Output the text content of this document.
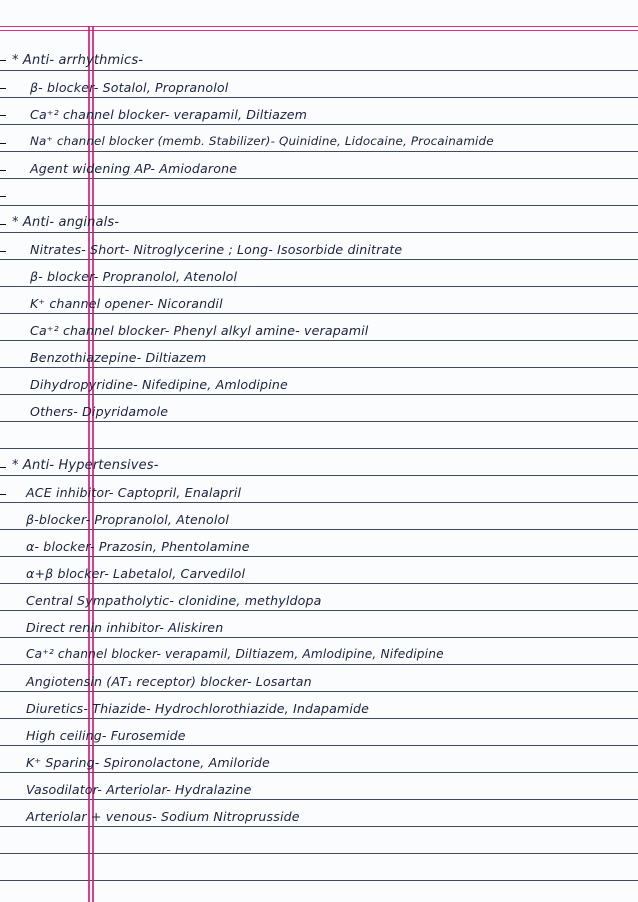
* Anti- arrhythmics-
β- blocker- Sotalol, Propranolol
Ca⁺² channel blocker- verapamil, Diltiazem
Na⁺ channel blocker (memb. Stabilizer)- Quinidine, Lidocaine, Procainamide
Agent widening AP- Amiodarone
* Anti- anginals-
Nitrates- Short- Nitroglycerine ; Long- Isosorbide dinitrate
β- blocker- Propranolol, Atenolol
K⁺ channel opener- Nicorandil
Ca⁺² channel blocker- Phenyl alkyl amine- verapamil
Benzothiazepine- Diltiazem
Dihydropyridine- Nifedipine, Amlodipine
Others- Dipyridamole
* Anti- Hypertensives-
ACE inhibitor- Captopril, Enalapril
β-blocker- Propranolol, Atenolol
α- blocker- Prazosin, Phentolamine
α+β blocker- Labetalol, Carvedilol
Central Sympatholytic- clonidine, methyldopa
Direct renin inhibitor- Aliskiren
Ca⁺² channel blocker- verapamil, Diltiazem, Amlodipine, Nifedipine
Angiotensin (AT₁ receptor) blocker- Losartan
Diuretics- Thiazide- Hydrochlorothiazide, Indapamide
High ceiling- Furosemide
K⁺ Sparing- Spironolactone, Amiloride
Vasodilator- Arteriolar- Hydralazine
Arteriolar + venous- Sodium Nitroprusside
